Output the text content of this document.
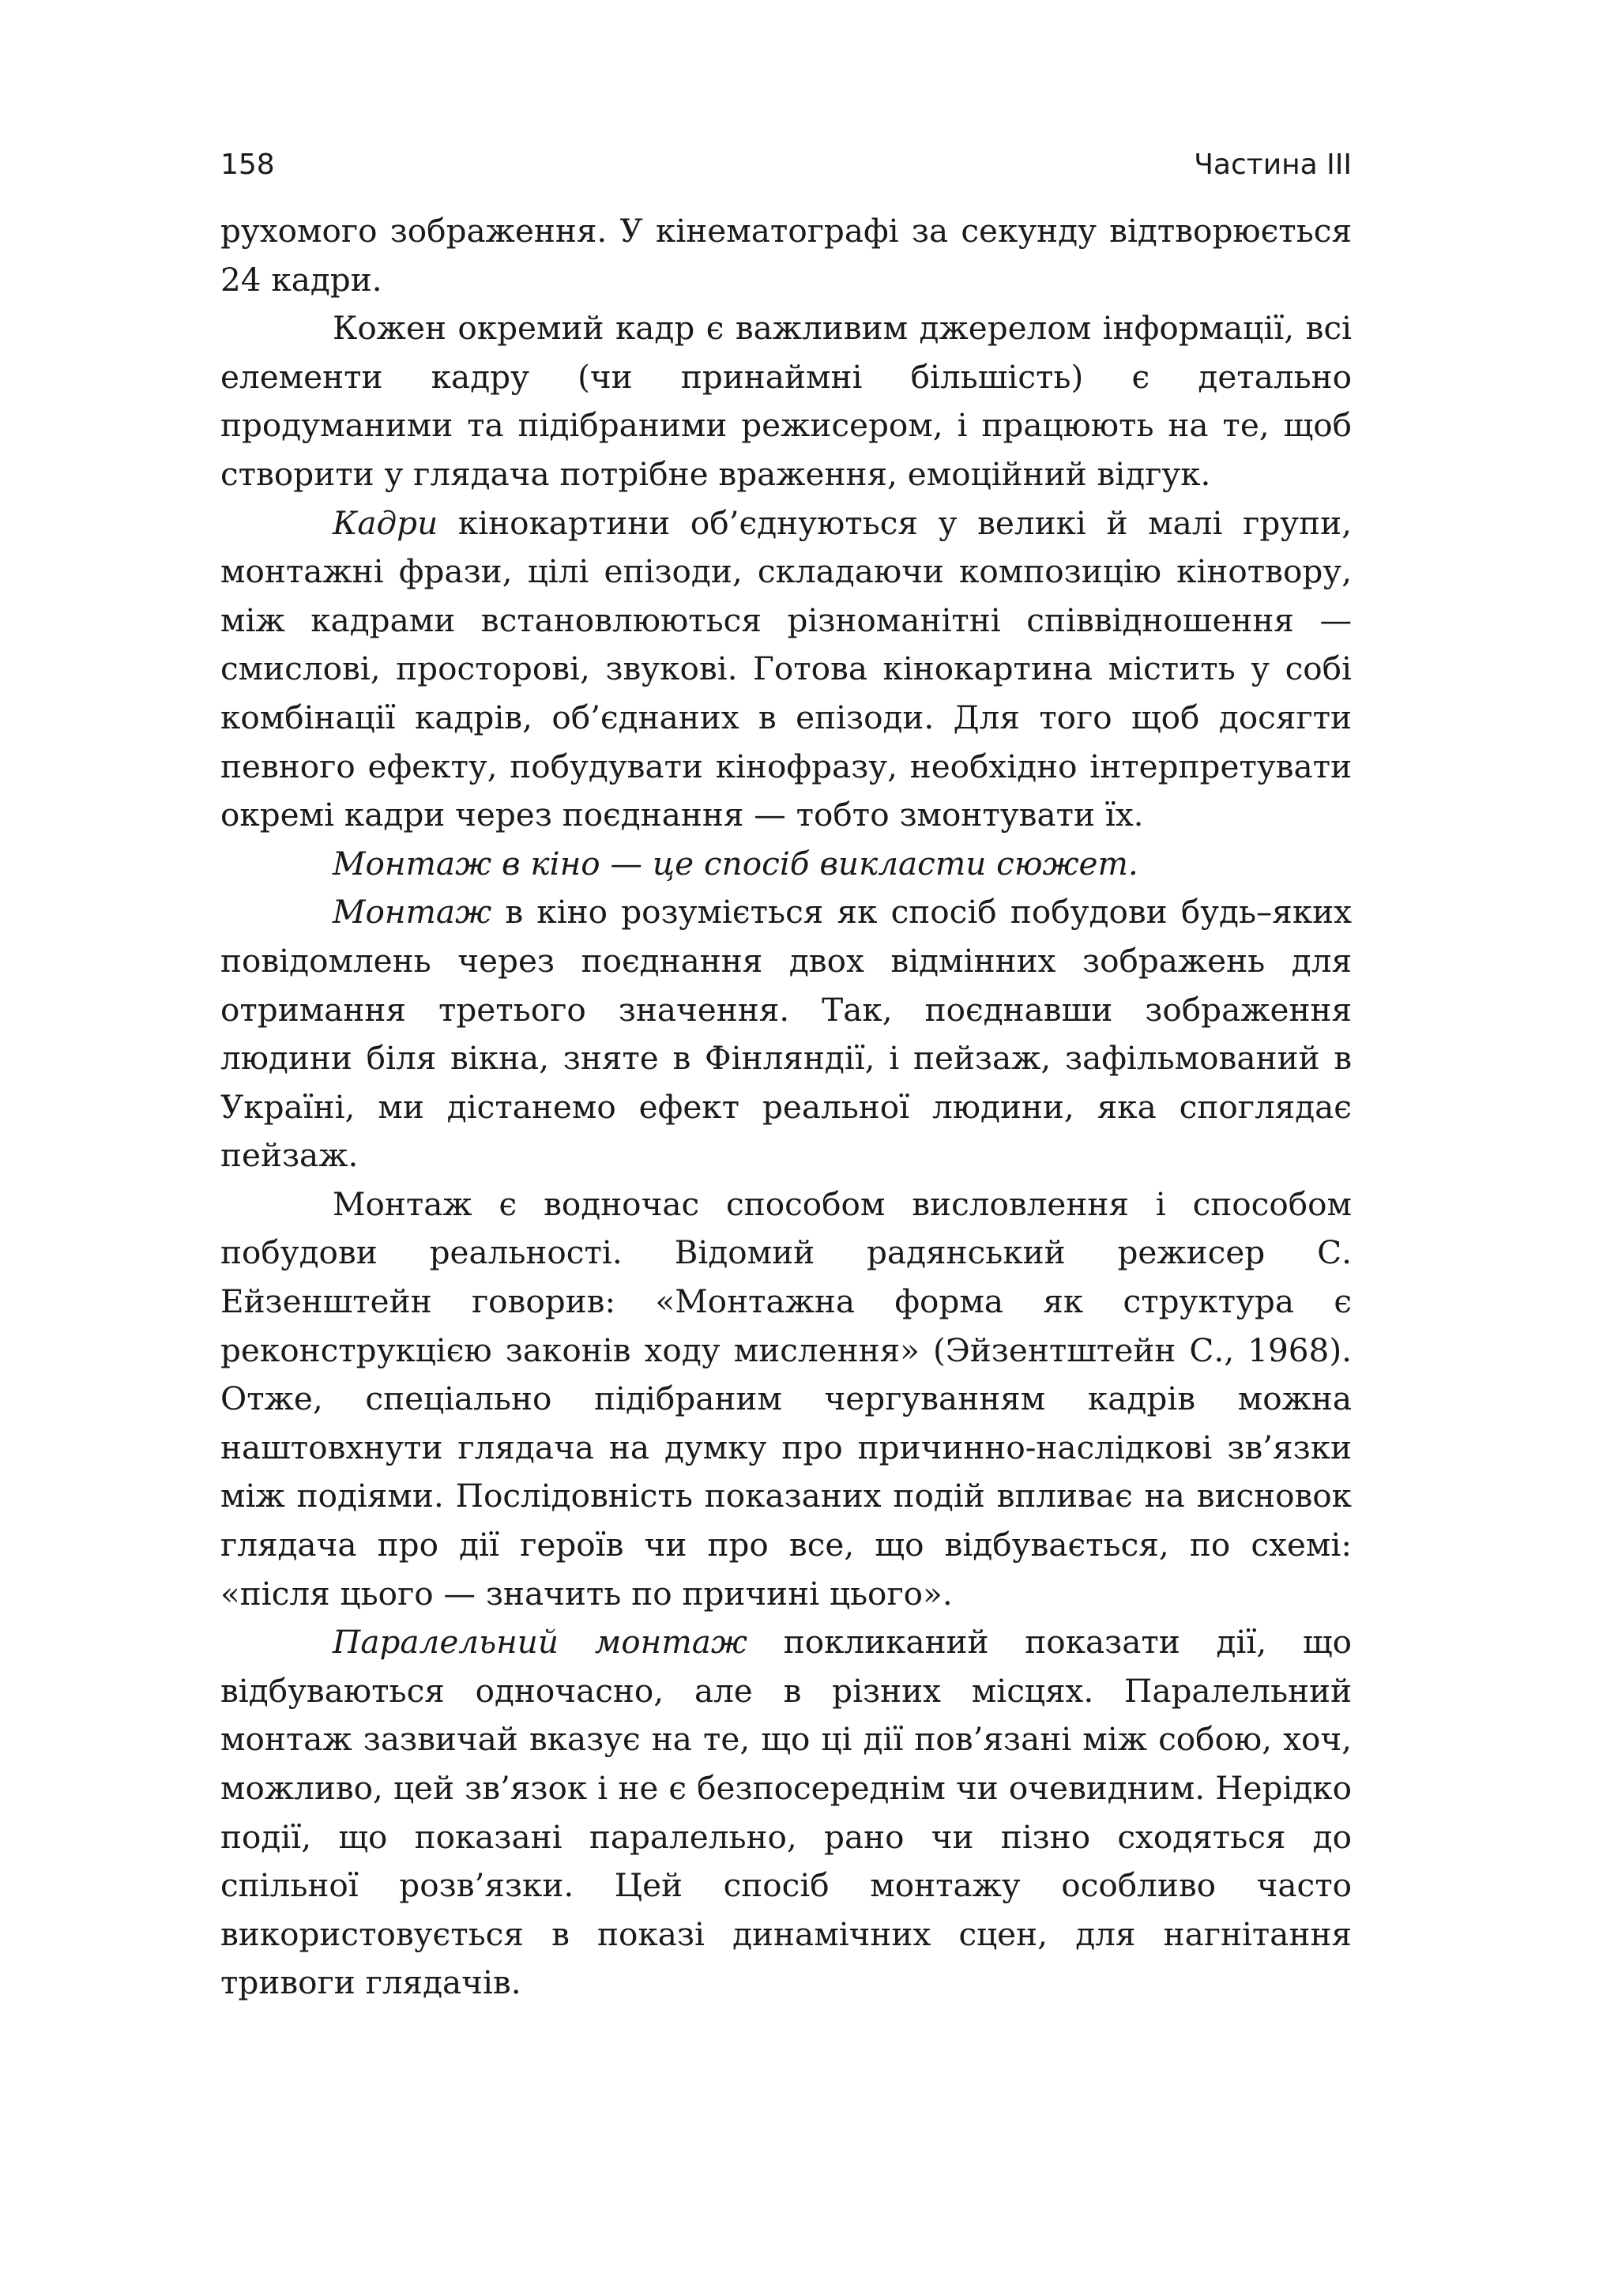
158	Частина ІІІ

рухомого зображення. У кінематографі за секунду відтворюється 24 кадри.

Кожен окремий кадр є важливим джерелом інформації, всі елементи кадру (чи принаймні більшість) є детально продуманими та підібраними режисером, і працюють на те, щоб створити у глядача потрібне враження, емоційний відгук.

Кадри кінокартини об’єднуються у великі й малі групи, монтажні фрази, цілі епізоди, складаючи композицію кінотвору, між кадрами встановлюються різноманітні співвідношення — смислові, просторові, звукові. Готова кінокартина містить у собі комбінації кадрів, об’єднаних в епізоди. Для того щоб досягти певного ефекту, побудувати кінофразу, необхідно інтерпретувати окремі кадри через поєднання — тобто змонтувати їх.

Монтаж в кіно — це спосіб викласти сюжет.

Монтаж в кіно розуміється як спосіб побудови будь–яких повідомлень через поєднання двох відмінних зображень для отримання третього значення. Так, поєднавши зображення людини біля вікна, зняте в Фінляндії, і пейзаж, зафільмований в Україні, ми дістанемо ефект реальної людини, яка споглядає пейзаж.

Монтаж є водночас способом висловлення і способом побудови реальності. Відомий радянський режисер С. Ейзенштейн говорив: «Монтажна форма як структура є реконструкцією законів ходу мислення» (Эйзентштейн С., 1968). Отже, спеціально підібраним чергуванням кадрів можна наштовхнути глядача на думку про причинно-наслідкові зв’язки між подіями. Послідовність показаних подій впливає на висновок глядача про дії героїв чи про все, що відбувається, по схемі: «після цього — значить по причині цього».

Паралельний монтаж покликаний показати дії, що відбуваються одночасно, але в різних місцях. Паралельний монтаж зазвичай вказує на те, що ці дії пов’язані між собою, хоч, можливо, цей зв’язок і не є безпосереднім чи очевидним. Нерідко події, що показані паралельно, рано чи пізно сходяться до спільної розв’язки. Цей спосіб монтажу особливо часто використовується в показі динамічних сцен, для нагнітання тривоги глядачів.
